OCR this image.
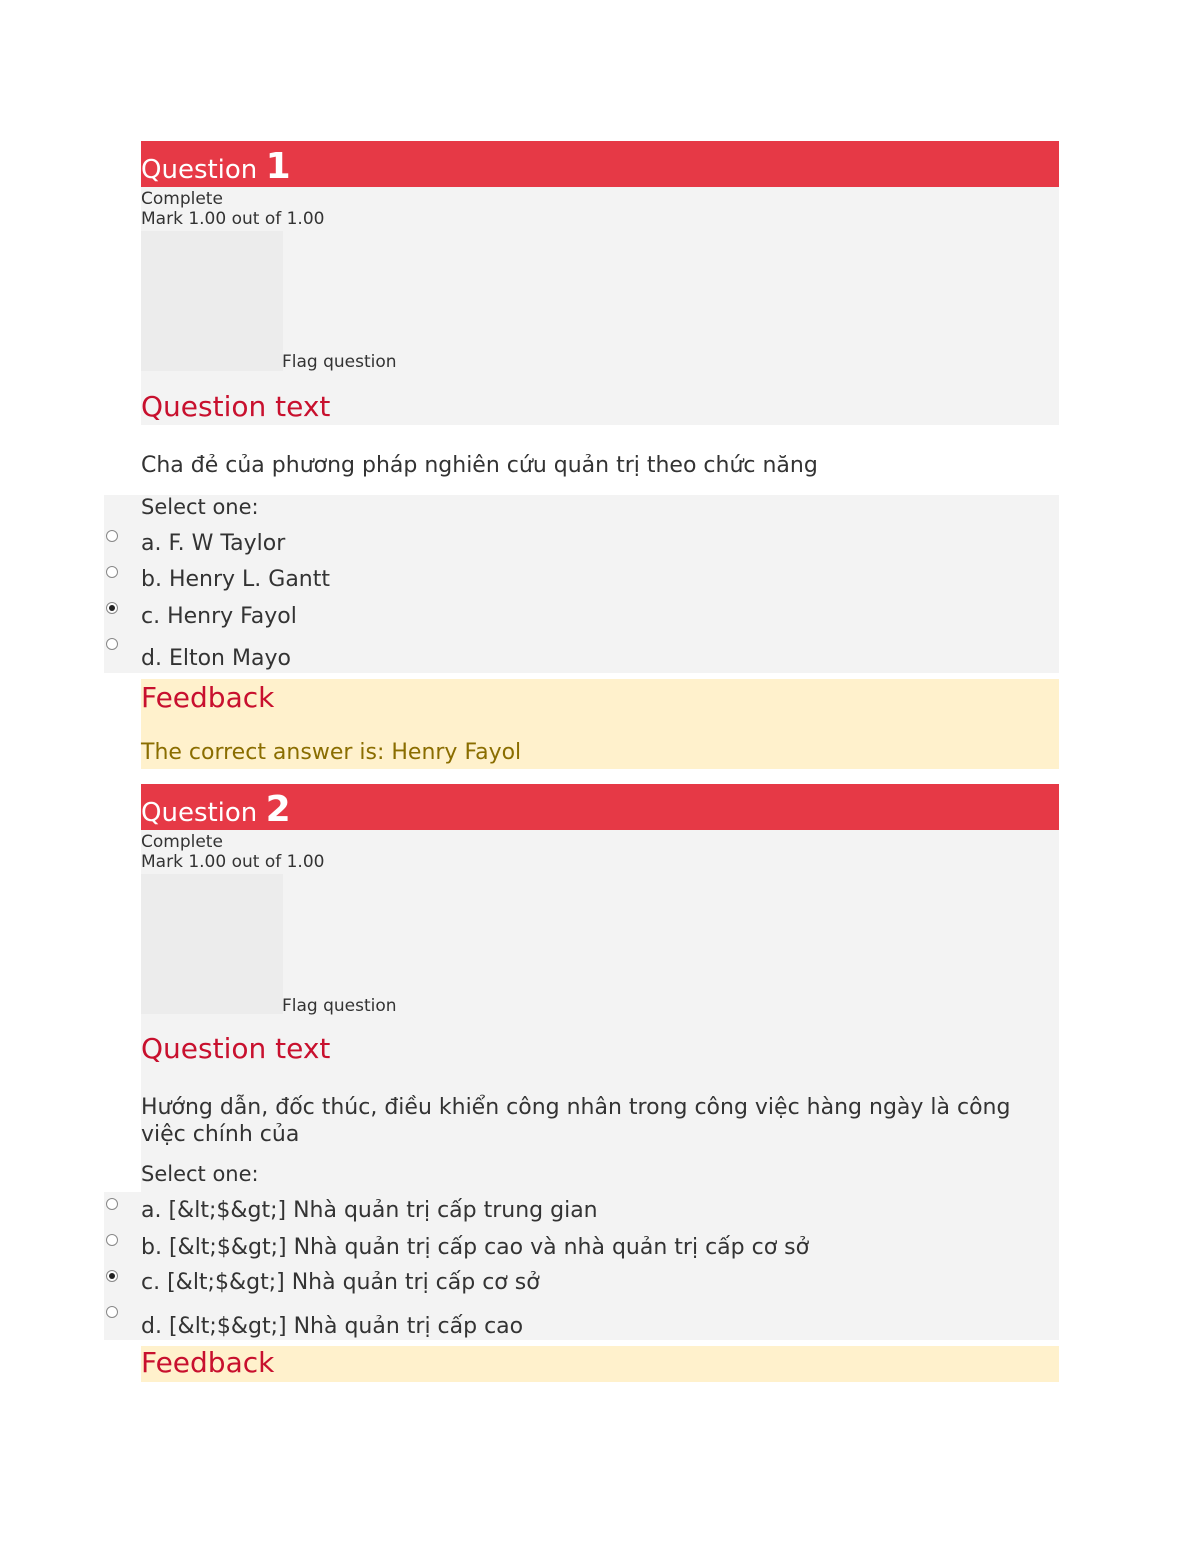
Question 1
Complete
Mark 1.00 out of 1.00
Flag question
Question text
Cha đẻ của phương pháp nghiên cứu quản trị theo chức năng
Select one:
a. F. W Taylor
b. Henry L. Gantt
c. Henry Fayol
d. Elton Mayo
Feedback
The correct answer is: Henry Fayol
Question 2
Complete
Mark 1.00 out of 1.00
Flag question
Question text
Hướng dẫn, đốc thúc, điều khiển công nhân trong công việc hàng ngày là công việc chính của
Select one:
a. [&lt;$&gt;] Nhà quản trị cấp trung gian
b. [&lt;$&gt;] Nhà quản trị cấp cao và nhà quản trị cấp cơ sở
c. [&lt;$&gt;] Nhà quản trị cấp cơ sở
d. [&lt;$&gt;] Nhà quản trị cấp cao
Feedback
